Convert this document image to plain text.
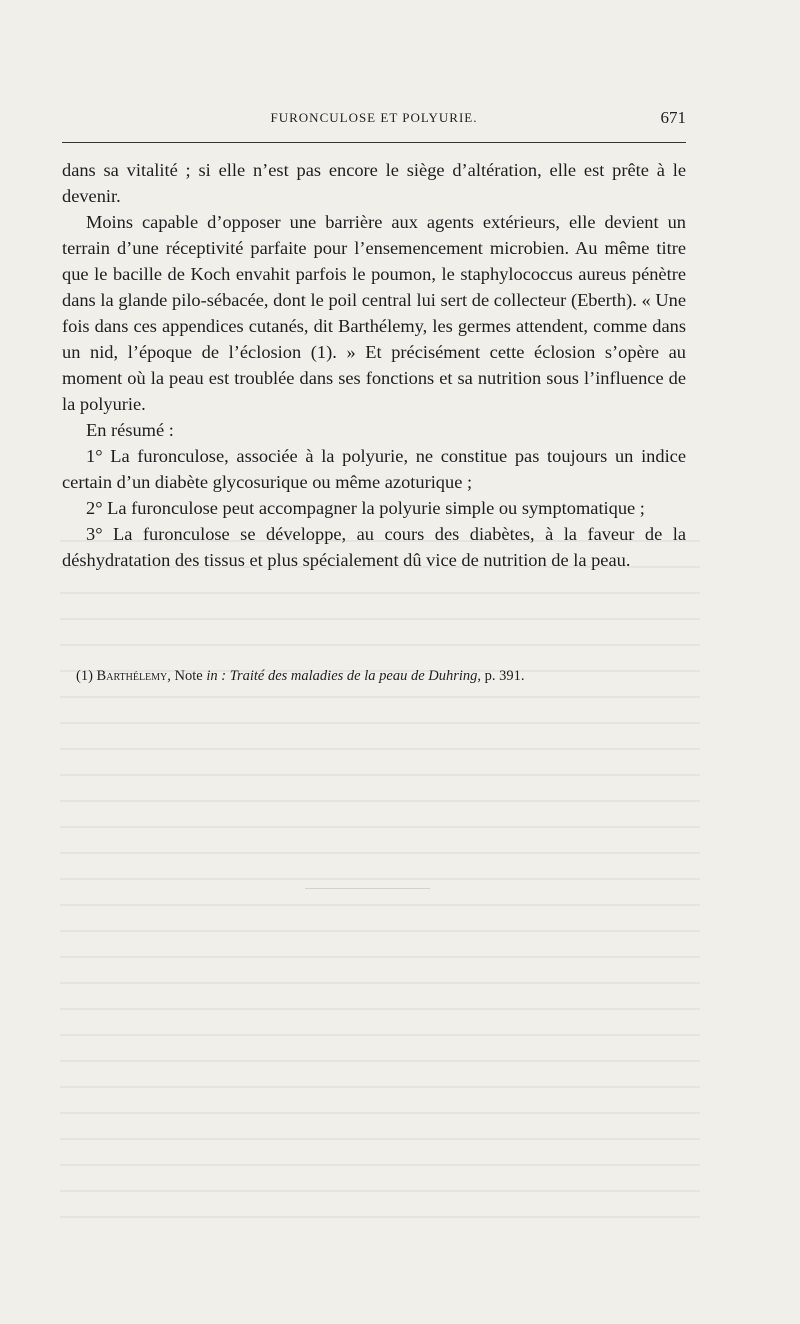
FURONCULOSE ET POLYURIE.	671

dans sa vitalité ; si elle n’est pas encore le siège d’altération, elle est prête à le devenir.

Moins capable d’opposer une barrière aux agents extérieurs, elle devient un terrain d’une réceptivité parfaite pour l’ensemencement microbien. Au même titre que le bacille de Koch envahit parfois le poumon, le staphylococcus aureus pénètre dans la glande pilo-sébacée, dont le poil central lui sert de collecteur (Eberth). « Une fois dans ces appendices cutanés, dit Barthélemy, les germes attendent, comme dans un nid, l’époque de l’éclosion (1). » Et précisément cette éclosion s’opère au moment où la peau est troublée dans ses fonctions et sa nutrition sous l’influence de la polyurie.

En résumé :

1° La furonculose, associée à la polyurie, ne constitue pas toujours un indice certain d’un diabète glycosurique ou même azoturique ;

2° La furonculose peut accompagner la polyurie simple ou symptomatique ;

3° La furonculose se développe, au cours des diabètes, à la faveur de la déshydratation des tissus et plus spécialement dû vice de nutrition de la peau.

(1) Barthélemy, Note in : Traité des maladies de la peau de Duhring, p. 391.
